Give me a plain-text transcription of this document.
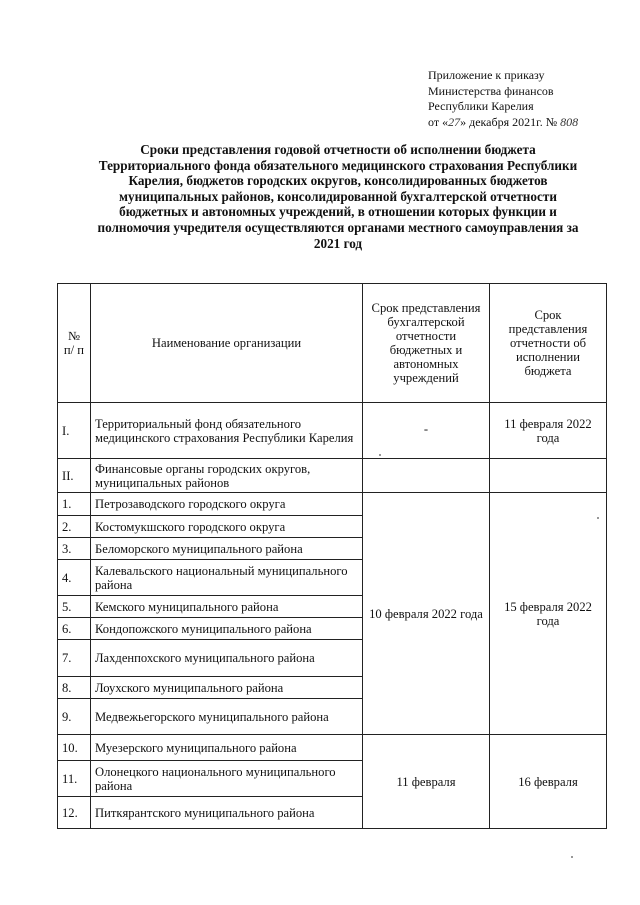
Приложение к приказу
Министерства финансов
Республики Карелия
от «27» декабря 2021г. № 808
Сроки представления годовой отчетности об исполнении бюджета Территориального фонда обязательного медицинского страхования Республики Карелия, бюджетов городских округов, консолидированных бюджетов муниципальных районов, консолидированной бухгалтерской отчетности бюджетных и автономных учреждений, в отношении которых функции и полномочия учредителя осуществляются органами местного самоуправления за 2021 год
№ п/ п	Наименование организации	Срок представления бухгалтерской отчетности бюджетных и автономных учреждений	Срок представления отчетности об исполнении бюджета
I.	Территориальный фонд обязательного медицинского страхования Республики Карелия	-	11 февраля 2022 года
II.	Финансовые органы городских округов, муниципальных районов		
1.	Петрозаводского городского округа	10 февраля 2022 года	15 февраля 2022 года
2.	Костомукшского городского округа		
3.	Беломорского муниципального района		
4.	Калевальского национальный муниципального района		
5.	Кемского муниципального района		
6.	Кондопожского муниципального района		
7.	Лахденпохского муниципального района		
8.	Лоухского муниципального района		
9.	Медвежьегорского муниципального района		
10.	Муезерского муниципального района	11 февраля	16 февраля
11.	Олонецкого национального муниципального района		
12.	Питкярантского муниципального района		
